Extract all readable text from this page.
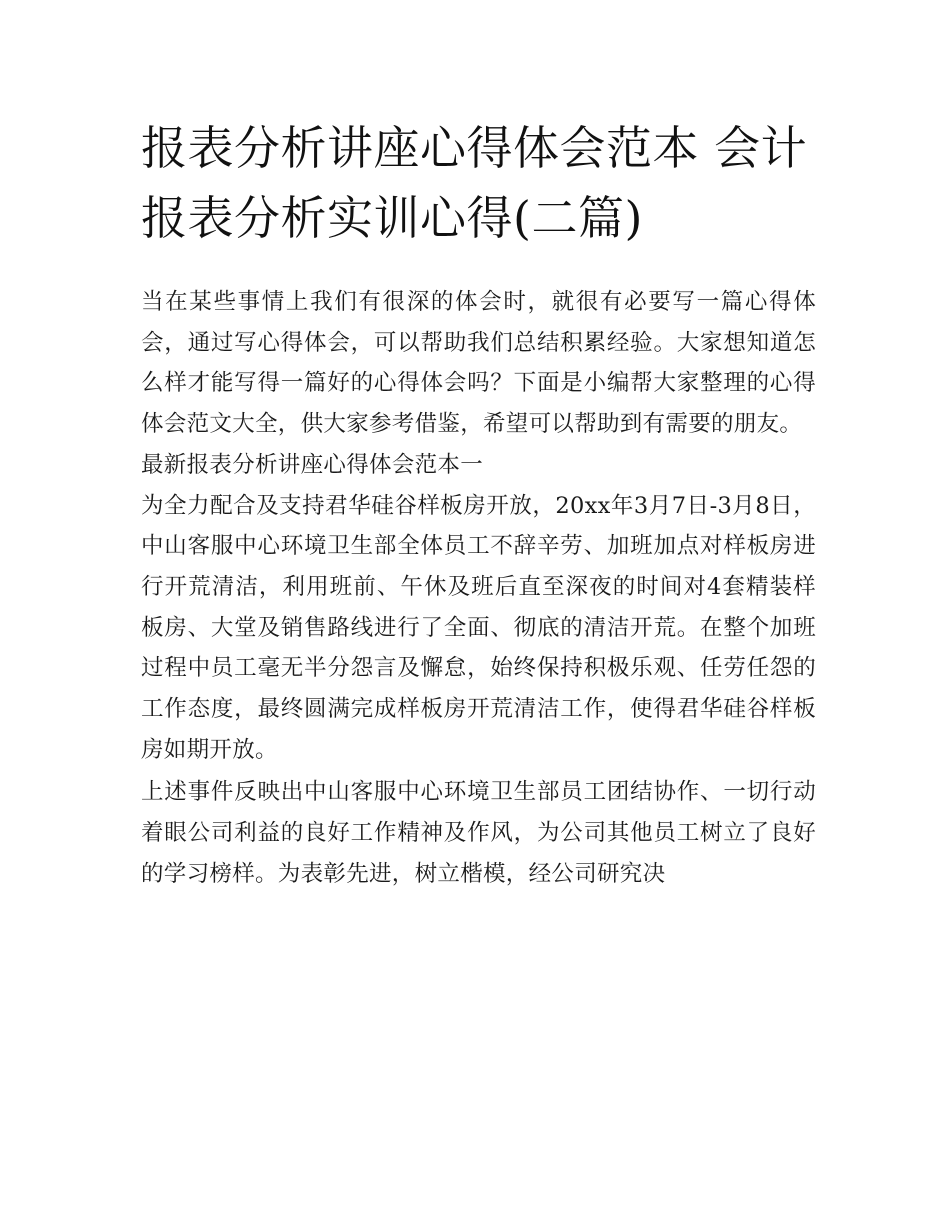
报表分析讲座心得体会范本 会计报表分析实训心得(二篇)

当在某些事情上我们有很深的体会时，就很有必要写一篇心得体会，通过写心得体会，可以帮助我们总结积累经验。大家想知道怎么样才能写得一篇好的心得体会吗？下面是小编帮大家整理的心得体会范文大全，供大家参考借鉴，希望可以帮助到有需要的朋友。

最新报表分析讲座心得体会范本一

为全力配合及支持君华硅谷样板房开放，20xx年3月7日-3月8日，中山客服中心环境卫生部全体员工不辞辛劳、加班加点对样板房进行开荒清洁，利用班前、午休及班后直至深夜的时间对4套精装样板房、大堂及销售路线进行了全面、彻底的清洁开荒。在整个加班过程中员工毫无半分怨言及懈怠，始终保持积极乐观、任劳任怨的工作态度，最终圆满完成样板房开荒清洁工作，使得君华硅谷样板房如期开放。

上述事件反映出中山客服中心环境卫生部员工团结协作、一切行动着眼公司利益的良好工作精神及作风，为公司其他员工树立了良好的学习榜样。为表彰先进，树立楷模，经公司研究决
